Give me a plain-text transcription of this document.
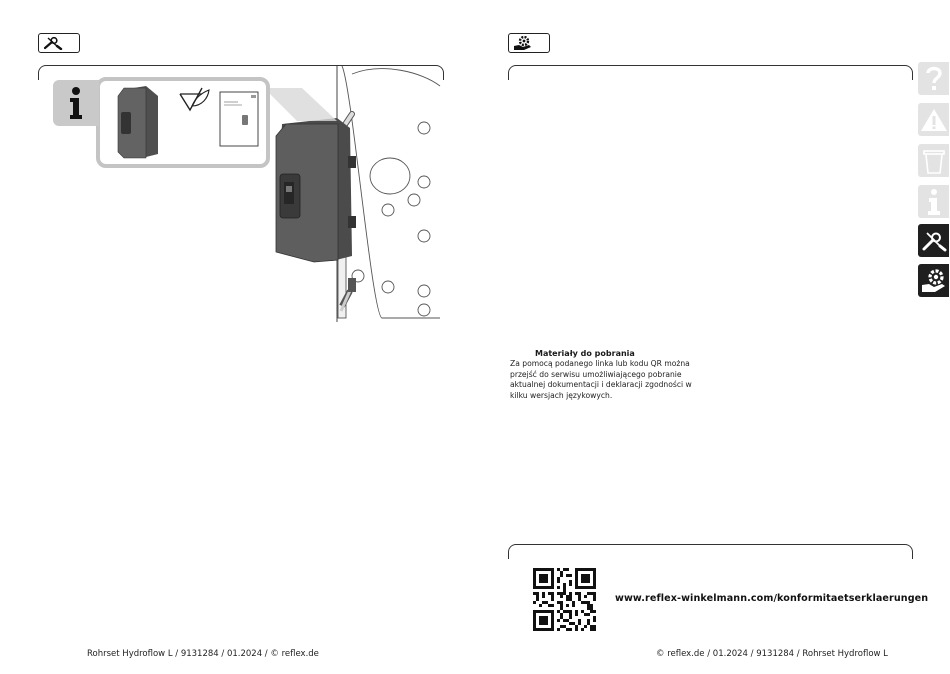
Rohrset Hydroflow L / 9131284 / 01.2024 / © reflex.de
Materiały do pobrania
Za pomocą podanego linka lub kodu QR można
przejść do serwisu umożliwiającego pobranie
aktualnej dokumentacji i deklaracji zgodności w
kilku wersjach językowych.
www.reflex-winkelmann.com/konformitaetserklaerungen
© reflex.de / 01.2024 / 9131284 / Rohrset Hydroflow L
